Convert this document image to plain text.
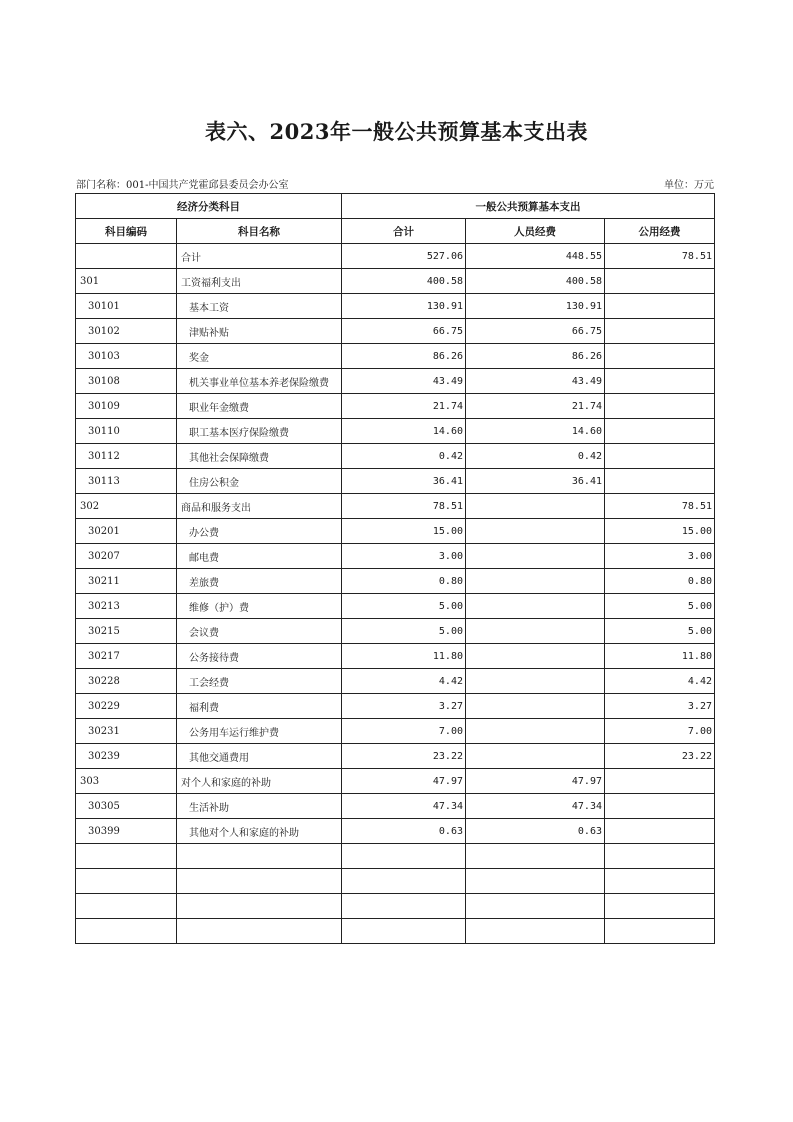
表六、2023年一般公共预算基本支出表
部门名称：001-中国共产党霍邱县委员会办公室	单位：万元
经济分类科目		一般公共预算基本支出		
科目编码	科目名称	合计	人员经费	公用经费
	合计	527.06	448.55	78.51
301	工资福利支出	400.58	400.58	
30101	基本工资	130.91	130.91	
30102	津贴补贴	66.75	66.75	
30103	奖金	86.26	86.26	
30108	机关事业单位基本养老保险缴费	43.49	43.49	
30109	职业年金缴费	21.74	21.74	
30110	职工基本医疗保险缴费	14.60	14.60	
30112	其他社会保障缴费	0.42	0.42	
30113	住房公积金	36.41	36.41	
302	商品和服务支出	78.51		78.51
30201	办公费	15.00		15.00
30207	邮电费	3.00		3.00
30211	差旅费	0.80		0.80
30213	维修（护）费	5.00		5.00
30215	会议费	5.00		5.00
30217	公务接待费	11.80		11.80
30228	工会经费	4.42		4.42
30229	福利费	3.27		3.27
30231	公务用车运行维护费	7.00		7.00
30239	其他交通费用	23.22		23.22
303	对个人和家庭的补助	47.97	47.97	
30305	生活补助	47.34	47.34	
30399	其他对个人和家庭的补助	0.63	0.63	
